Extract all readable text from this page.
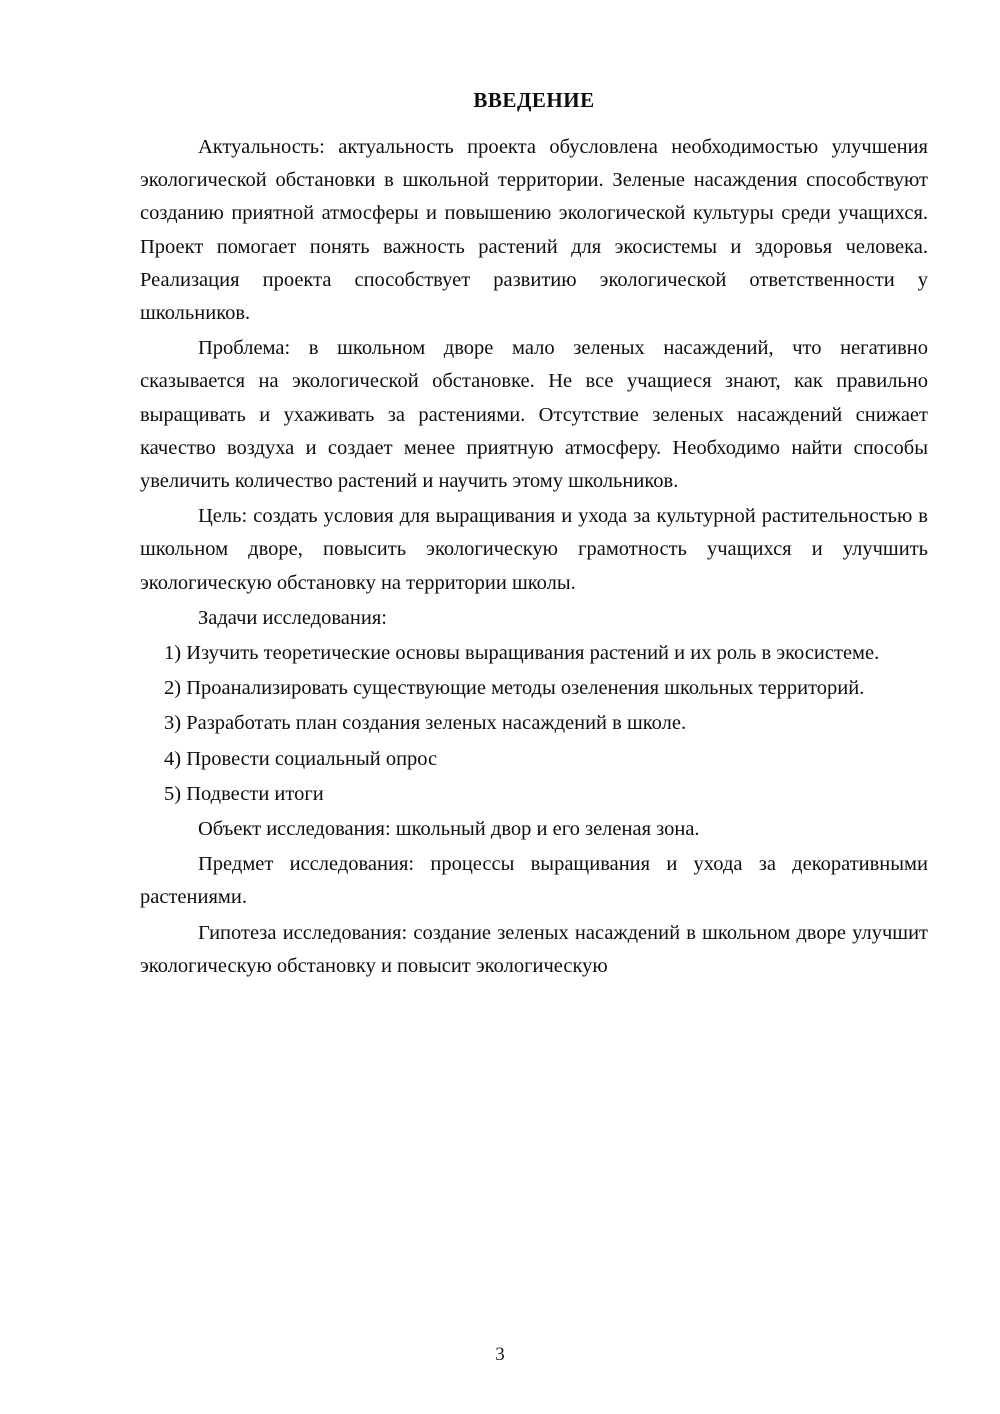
ВВЕДЕНИЕ

Актуальность: актуальность проекта обусловлена необходимостью улучшения экологической обстановки в школьной территории. Зеленые насаждения способствуют созданию приятной атмосферы и повышению экологической культуры среди учащихся. Проект помогает понять важность растений для экосистемы и здоровья человека. Реализация проекта способствует развитию экологической ответственности у школьников.

Проблема: в школьном дворе мало зеленых насаждений, что негативно сказывается на экологической обстановке. Не все учащиеся знают, как правильно выращивать и ухаживать за растениями. Отсутствие зеленых насаждений снижает качество воздуха и создает менее приятную атмосферу. Необходимо найти способы увеличить количество растений и научить этому школьников.

Цель: создать условия для выращивания и ухода за культурной растительностью в школьном дворе, повысить экологическую грамотность учащихся и улучшить экологическую обстановку на территории школы.

Задачи исследования:

1) Изучить теоретические основы выращивания растений и их роль в экосистеме.

2) Проанализировать существующие методы озеленения школьных территорий.

3) Разработать план создания зеленых насаждений в школе.

4) Провести социальный опрос

5) Подвести итоги

Объект исследования: школьный двор и его зеленая зона.

Предмет исследования: процессы выращивания и ухода за декоративными растениями.

Гипотеза исследования: создание зеленых насаждений в школьном дворе улучшит экологическую обстановку и повысит экологическую

3
